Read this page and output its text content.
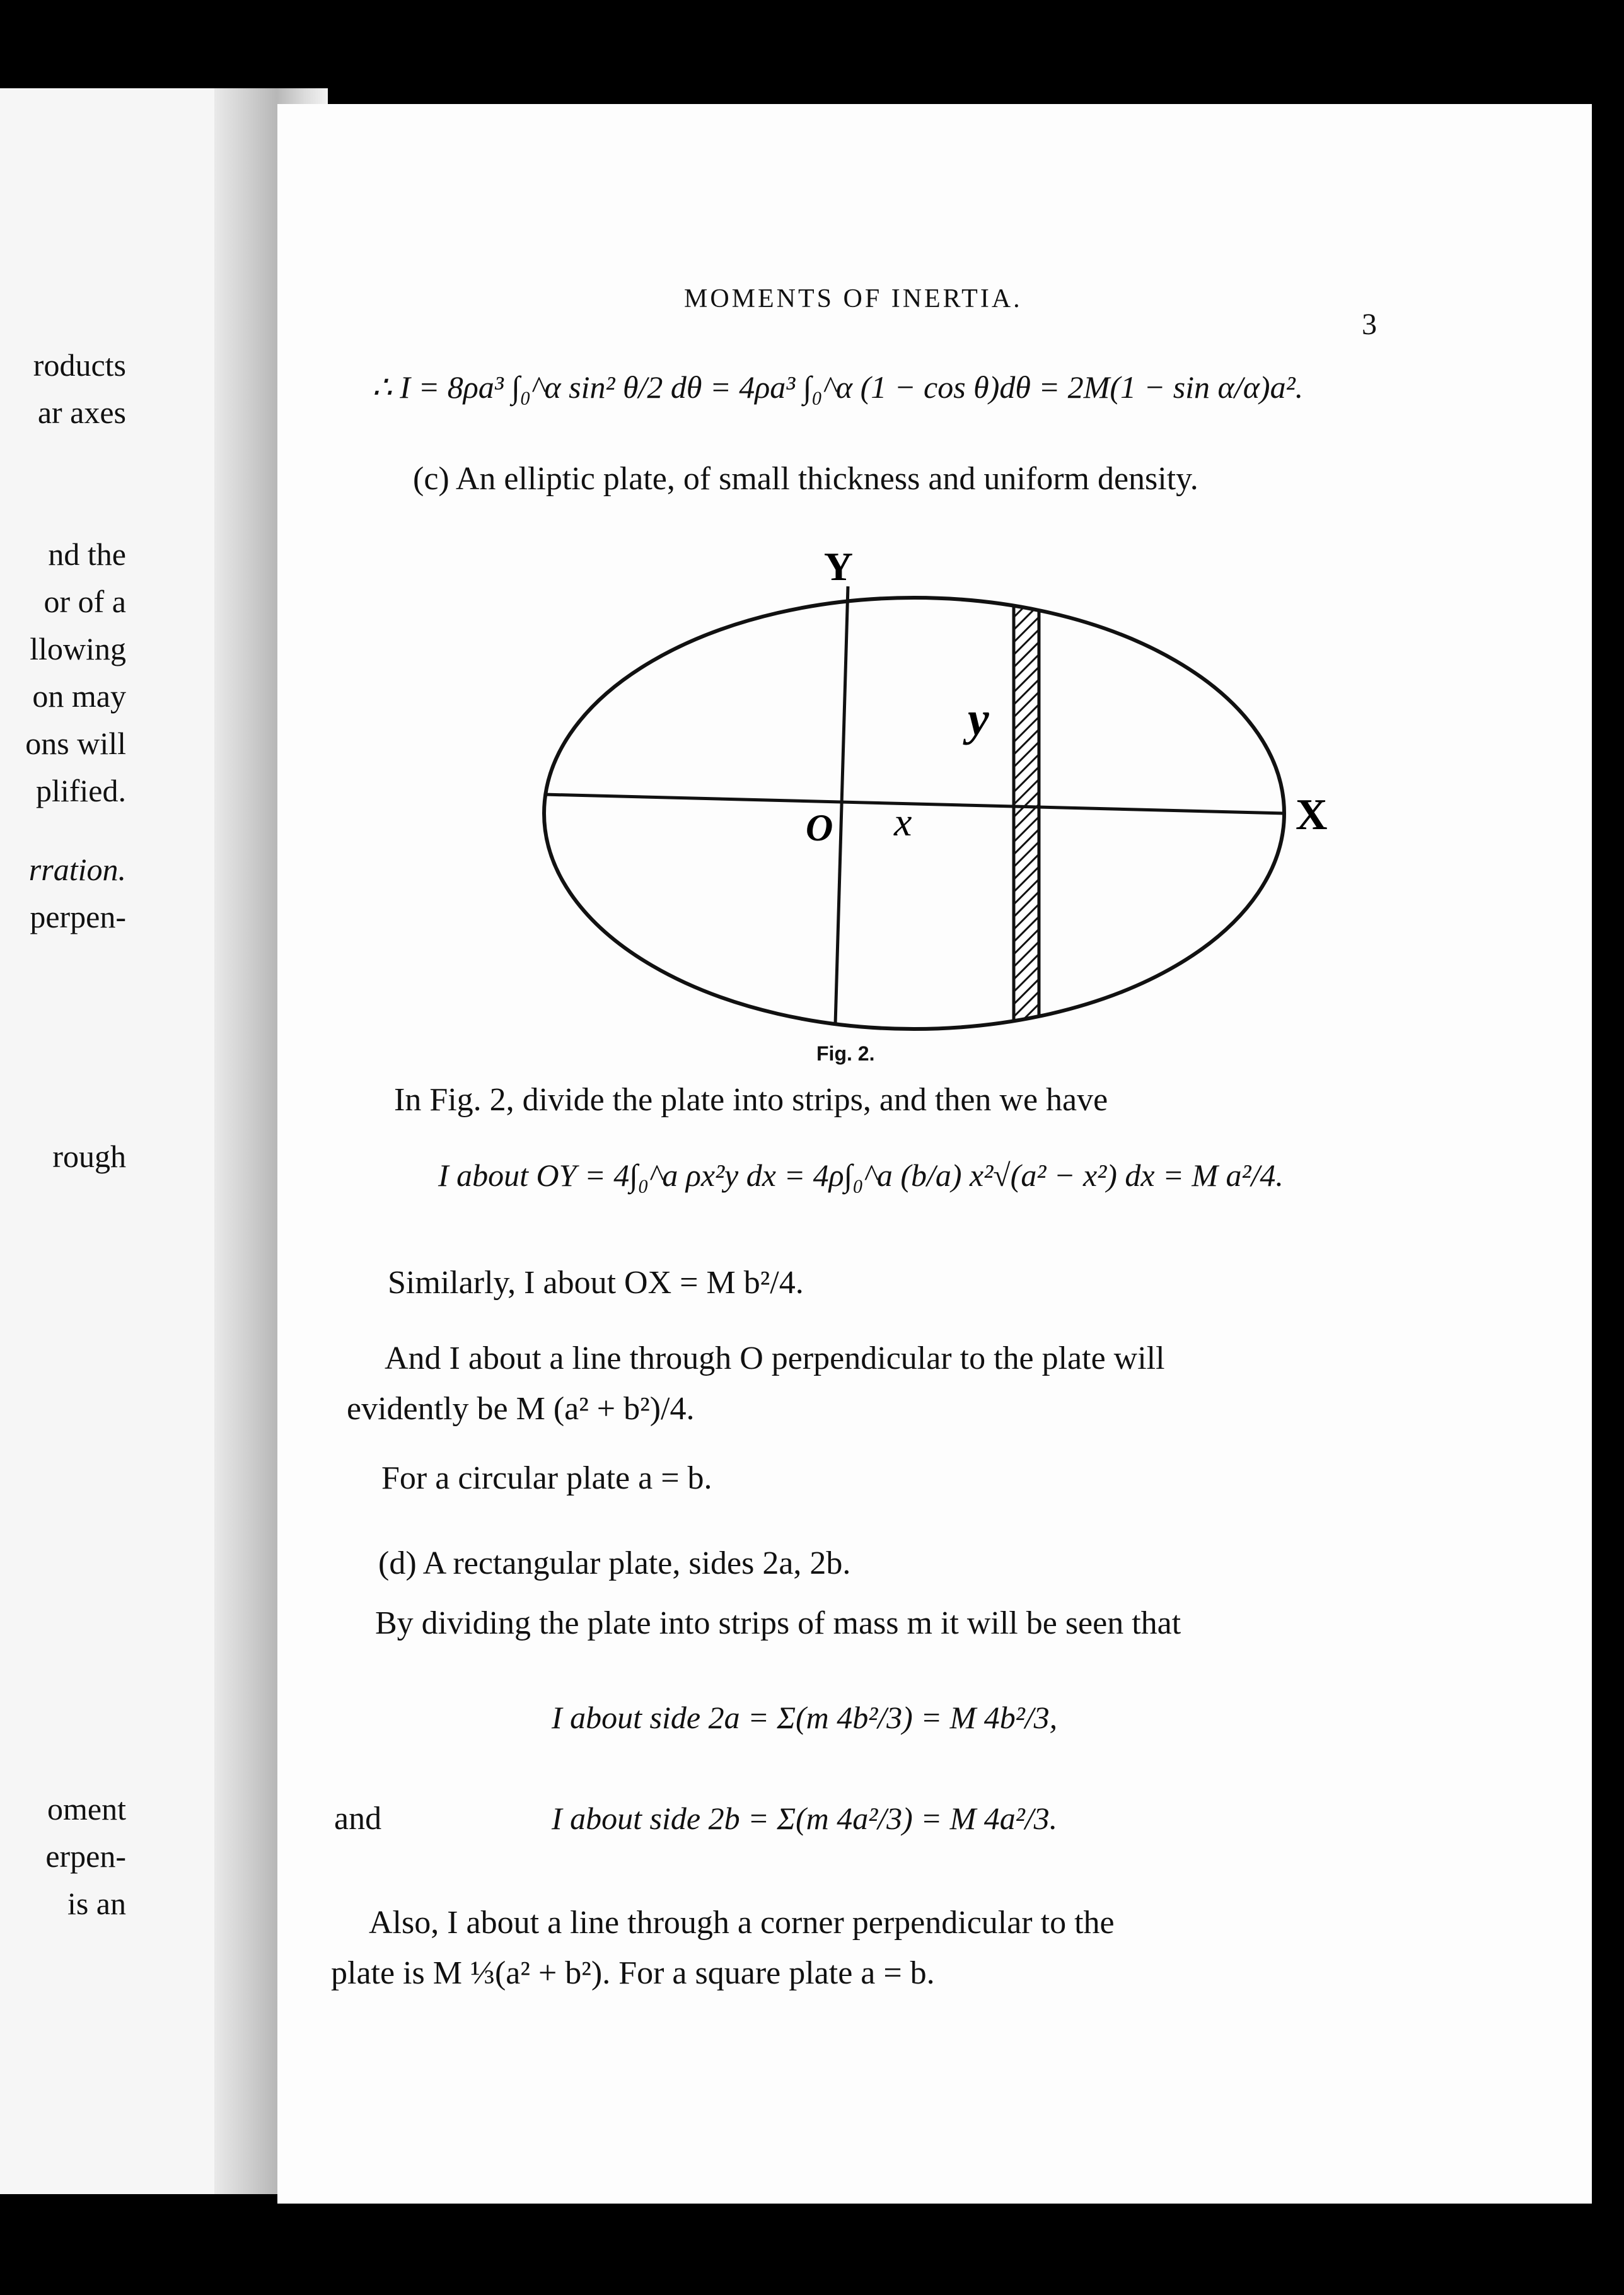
roducts
ar axes
nd the
or of a
llowing
on may
ons will
plified.
rration.
perpen-
rough
oment
erpen-
is an
MOMENTS OF INERTIA.
3
∴ I = 8ρa³ ∫₀^α sin² θ/2 dθ = 4ρa³ ∫₀^α (1 − cos θ)dθ = 2M(1 − sin α/α)a².
(c) An elliptic plate, of small thickness and uniform density.
Y
X
O x
y
Fig. 2.
In Fig. 2, divide the plate into strips, and then we have
I about OY = 4∫₀^a ρx²y dx = 4ρ∫₀^a (b/a) x²√(a² − x²) dx = M a²/4.
Similarly, I about OX = M b²/4.
And I about a line through O perpendicular to the plate will
evidently be M (a² + b²)/4.
For a circular plate a = b.
(d) A rectangular plate, sides 2a, 2b.
By dividing the plate into strips of mass m it will be seen that
I about side 2a = Σ(m 4b²/3) = M 4b²/3,
and	I about side 2b = Σ(m 4a²/3) = M 4a²/3.
Also, I about a line through a corner perpendicular to the
plate is M ⅓(a² + b²). For a square plate a = b.
